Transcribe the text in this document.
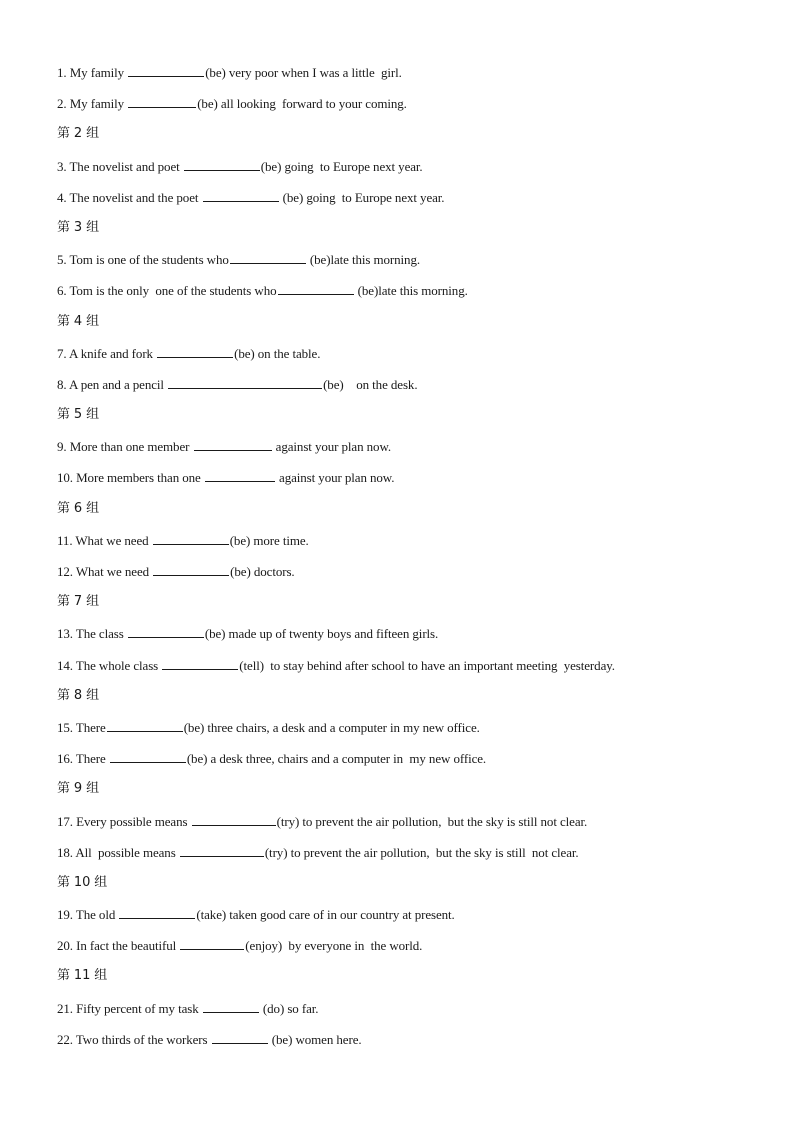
1. My family	(be) very poor when I was a little  girl.
2. My family	(be) all looking  forward to your coming.
第 2 组
3. The novelist and poet	(be) going  to Europe next year.
4. The novelist and the poet	(be) going  to Europe next year.
第 3 组
5. Tom is one of the students who	(be)late this morning.
6. Tom is the only  one of the students who	(be)late this morning.
第 4 组
7. A knife and fork	(be) on the table.
8. A pen and a pencil	(be)    on the desk.
第 5 组
9. More than one member	against your plan now.
10. More members than one	against your plan now.
第 6 组
11. What we need	(be) more time.
12. What we need	(be) doctors.
第 7 组
13. The class	(be) made up of twenty boys and fifteen girls.
14. The whole class	(tell)  to stay behind after school to have an important meeting  yesterday.
第 8 组
15. There	(be) three chairs, a desk and a computer in my new office.
16. There	(be) a desk three, chairs and a computer in  my new office.
第 9 组
17. Every possible means	(try) to prevent the air pollution,  but the sky is still not clear.
18. All  possible means	(try) to prevent the air pollution,  but the sky is still  not clear.
第 10 组
19. The old	(take) taken good care of in our country at present.
20. In fact the beautiful	(enjoy)  by everyone in  the world.
第 11 组
21. Fifty percent of my task	(do) so far.
22. Two thirds of the workers	(be) women here.
